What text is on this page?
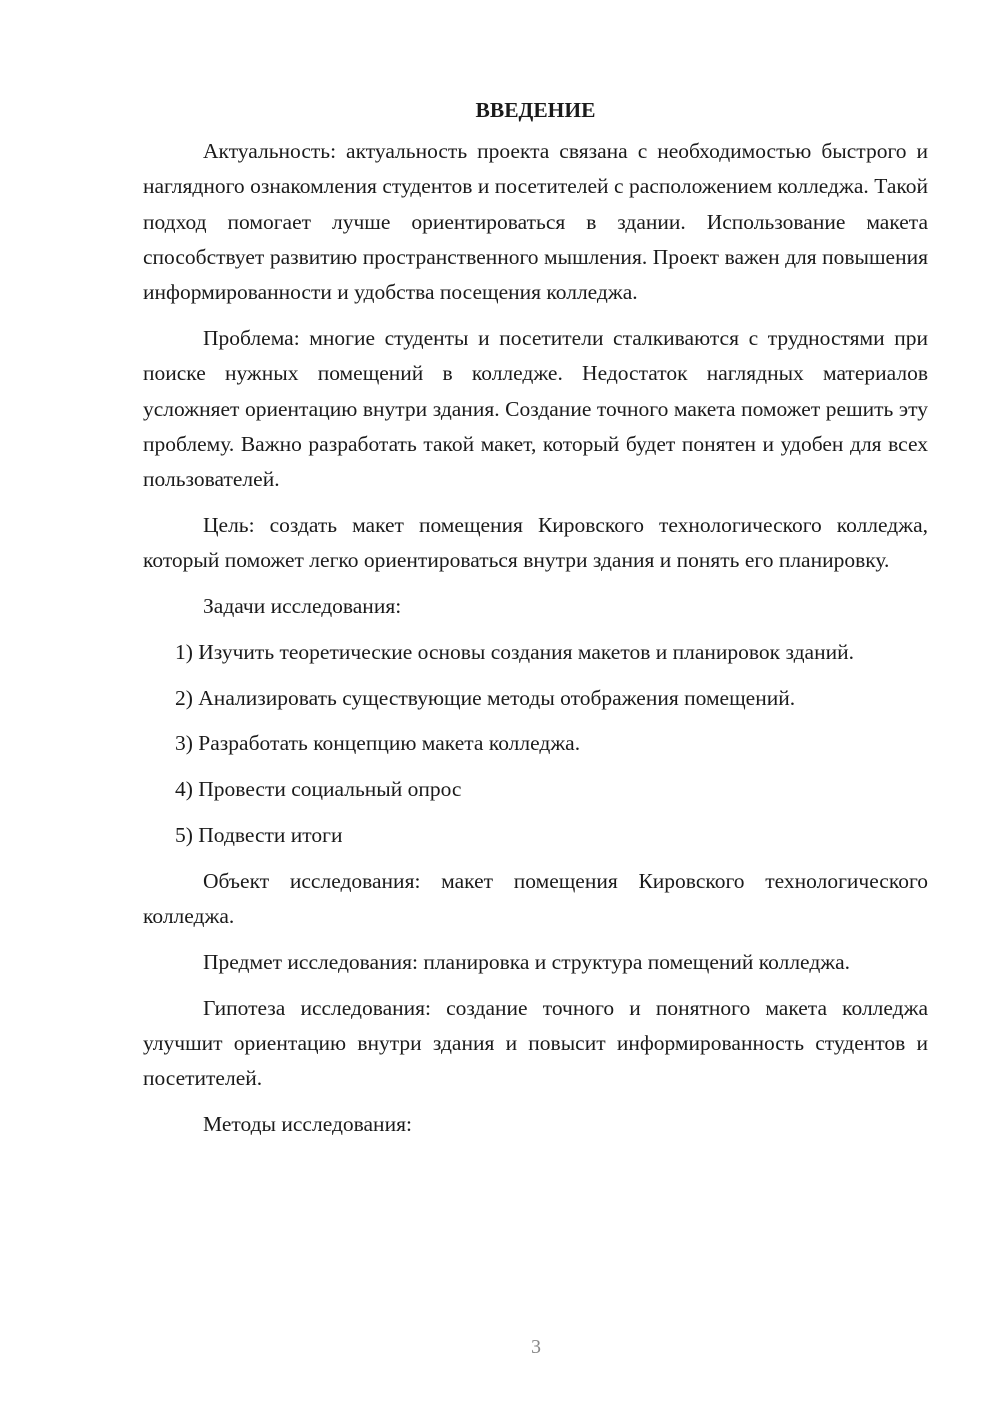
ВВЕДЕНИЕ

Актуальность: актуальность проекта связана с необходимостью быстрого и наглядного ознакомления студентов и посетителей с расположением колледжа. Такой подход помогает лучше ориентироваться в здании. Использование макета способствует развитию пространственного мышления. Проект важен для повышения информированности и удобства посещения колледжа.

Проблема: многие студенты и посетители сталкиваются с трудностями при поиске нужных помещений в колледже. Недостаток наглядных материалов усложняет ориентацию внутри здания. Создание точного макета поможет решить эту проблему. Важно разработать такой макет, который будет понятен и удобен для всех пользователей.

Цель: создать макет помещения Кировского технологического колледжа, который поможет легко ориентироваться внутри здания и понять его планировку.

Задачи исследования:

1) Изучить теоретические основы создания макетов и планировок зданий.

2) Анализировать существующие методы отображения помещений.

3) Разработать концепцию макета колледжа.

4) Провести социальный опрос

5) Подвести итоги

Объект исследования: макет помещения Кировского технологического колледжа.

Предмет исследования: планировка и структура помещений колледжа.

Гипотеза исследования: создание точного и понятного макета колледжа улучшит ориентацию внутри здания и повысит информированность студентов и посетителей.

Методы исследования:

3
